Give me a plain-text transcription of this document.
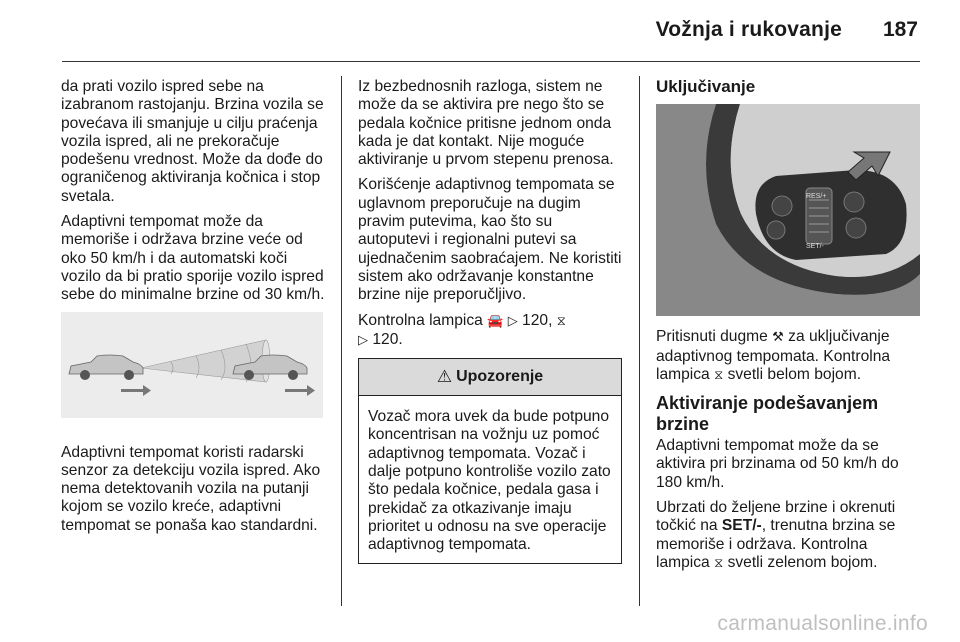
Vožnja i rukovanje 187

da prati vozilo ispred sebe na izabranom rastojanju. Brzina vozila se povećava ili smanjuje u cilju praćenja vozila ispred, ali ne prekoračuje podešenu vrednost. Može da dođe do ograničenog aktiviranja kočnica i stop svetala.

Adaptivni tempomat može da memoriše i održava brzine veće od oko 50 km/h i da automatski koči vozilo da bi pratio sporije vozilo ispred sebe do minimalne brzine od 30 km/h.

Adaptivni tempomat koristi radarski senzor za detekciju vozila ispred. Ako nema detektovanih vozila na putanji kojom se vozilo kreće, adaptivni tempomat se ponaša kao standardni.

Iz bezbednosnih razloga, sistem ne može da se aktivira pre nego što se pedala kočnice pritisne jednom onda kada je dat kontakt. Nije moguće aktiviranje u prvom stepenu prenosa.

Korišćenje adaptivnog tempomata se uglavnom preporučuje na dugim pravim putevima, kao što su autoputevi i regionalni putevi sa ujednačenim saobraćajem. Ne koristiti sistem ako održavanje konstantne brzine nije preporučljivo.

Kontrolna lampica 🚘 ▷ 120, ⧖
▷ 120.

⚠ Upozorenje
Vozač mora uvek da bude potpuno koncentrisan na vožnju uz pomoć adaptivnog tempomata. Vozač i dalje potpuno kontroliše vozilo zato što pedala kočnice, pedala gasa i prekidač za otkazivanje imaju prioritet u odnosu na sve operacije adaptivnog tempomata.
Uključivanje
RES/+
SET/-

Pritisnuti dugme ⚒ za uključivanje adaptivnog tempomata. Kontrolna lampica ⧖ svetli belom bojom.

Aktiviranje podešavanjem brzine

Adaptivni tempomat može da se aktivira pri brzinama od 50 km/h do 180 km/h.

Ubrzati do željene brzine i okrenuti točkić na SET/-, trenutna brzina se memoriše i održava. Kontrolna lampica ⧖ svetli zelenom bojom.

carmanualsonline.info
